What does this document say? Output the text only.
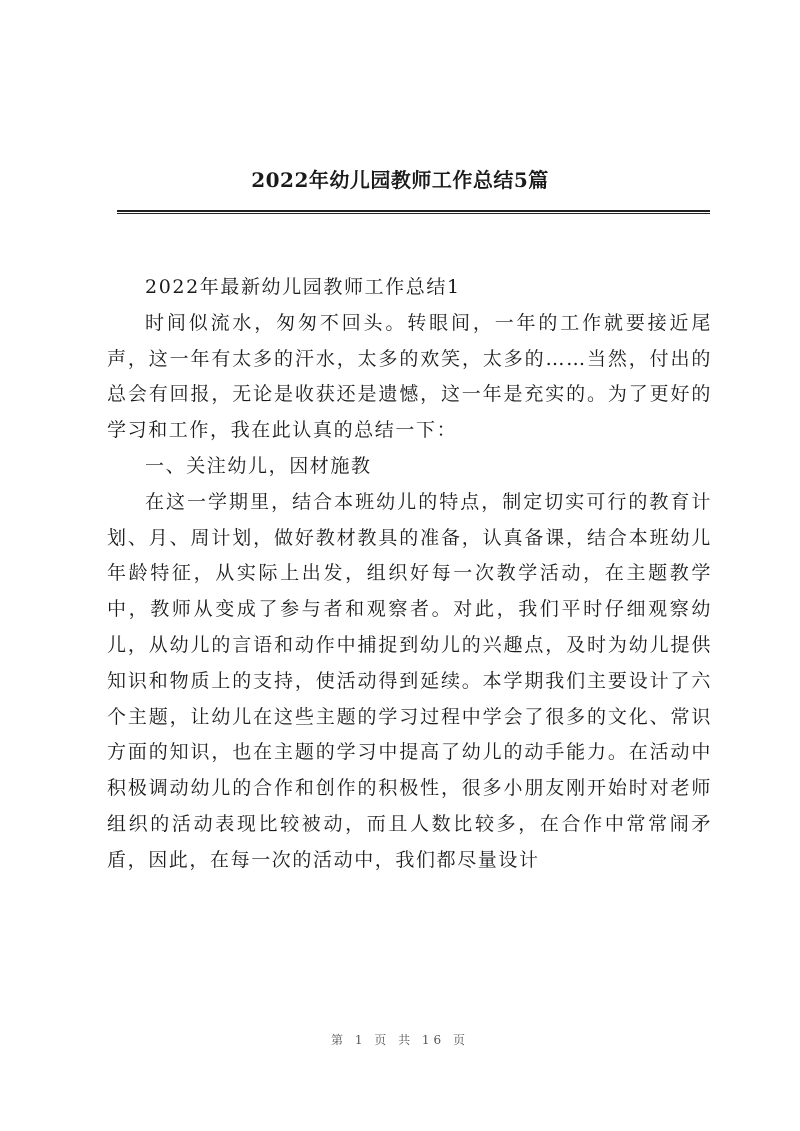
2022年幼儿园教师工作总结5篇

2022年最新幼儿园教师工作总结1

时间似流水，匆匆不回头。转眼间，一年的工作就要接近尾声，这一年有太多的汗水，太多的欢笑，太多的……当然，付出的总会有回报，无论是收获还是遗憾，这一年是充实的。为了更好的学习和工作，我在此认真的总结一下：

一、关注幼儿，因材施教

在这一学期里，结合本班幼儿的特点，制定切实可行的教育计划、月、周计划，做好教材教具的准备，认真备课，结合本班幼儿年龄特征，从实际上出发，组织好每一次教学活动，在主题教学中，教师从变成了参与者和观察者。对此，我们平时仔细观察幼儿，从幼儿的言语和动作中捕捉到幼儿的兴趣点，及时为幼儿提供知识和物质上的支持，使活动得到延续。本学期我们主要设计了六个主题，让幼儿在这些主题的学习过程中学会了很多的文化、常识方面的知识，也在主题的学习中提高了幼儿的动手能力。在活动中积极调动幼儿的合作和创作的积极性，很多小朋友刚开始时对老师组织的活动表现比较被动，而且人数比较多，在合作中常常闹矛盾，因此，在每一次的活动中，我们都尽量设计

第 1 页 共 16 页
